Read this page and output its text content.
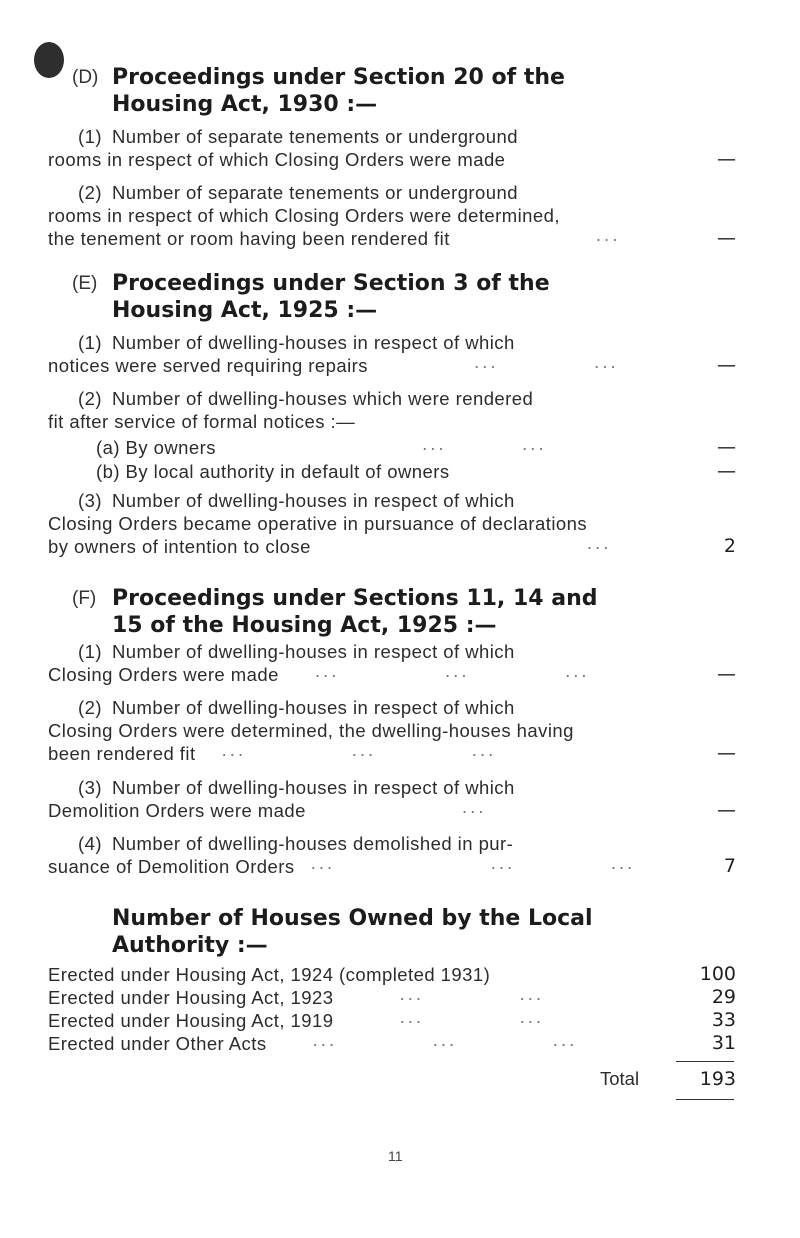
(D) Proceedings under Section 20 of the
Housing Act, 1930 :—
(1) Number of separate tenements or underground
rooms in respect of which Closing Orders were made	—
(2) Number of separate tenements or underground
rooms in respect of which Closing Orders were determined,
the tenement or room having been rendered fit	···	—
(E) Proceedings under Section 3 of the
Housing Act, 1925 :—
(1) Number of dwelling-houses in respect of which
notices were served requiring repairs	···	···	—
(2) Number of dwelling-houses which were rendered
fit after service of formal notices :—
(a) By owners	···	···	—
(b) By local authority in default of owners	—
(3) Number of dwelling-houses in respect of which
Closing Orders became operative in pursuance of declarations
by owners of intention to close	···	2
(F) Proceedings under Sections 11, 14 and
15 of the Housing Act, 1925 :—
(1) Number of dwelling-houses in respect of which
Closing Orders were made ···	···	···	—
(2) Number of dwelling-houses in respect of which
Closing Orders were determined, the dwelling-houses having
been rendered fit ···	···	···	—
(3) Number of dwelling-houses in respect of which
Demolition Orders were made	···	—
(4) Number of dwelling-houses demolished in pur-
suance of Demolition Orders ···	···	···	7
Number of Houses Owned by the Local
Authority :—
Erected under Housing Act, 1924 (completed 1931)	100
Erected under Housing Act, 1923	···	···	29
Erected under Housing Act, 1919	···	···	33
Erected under Other Acts ···	···	···	31
Total	193
11
